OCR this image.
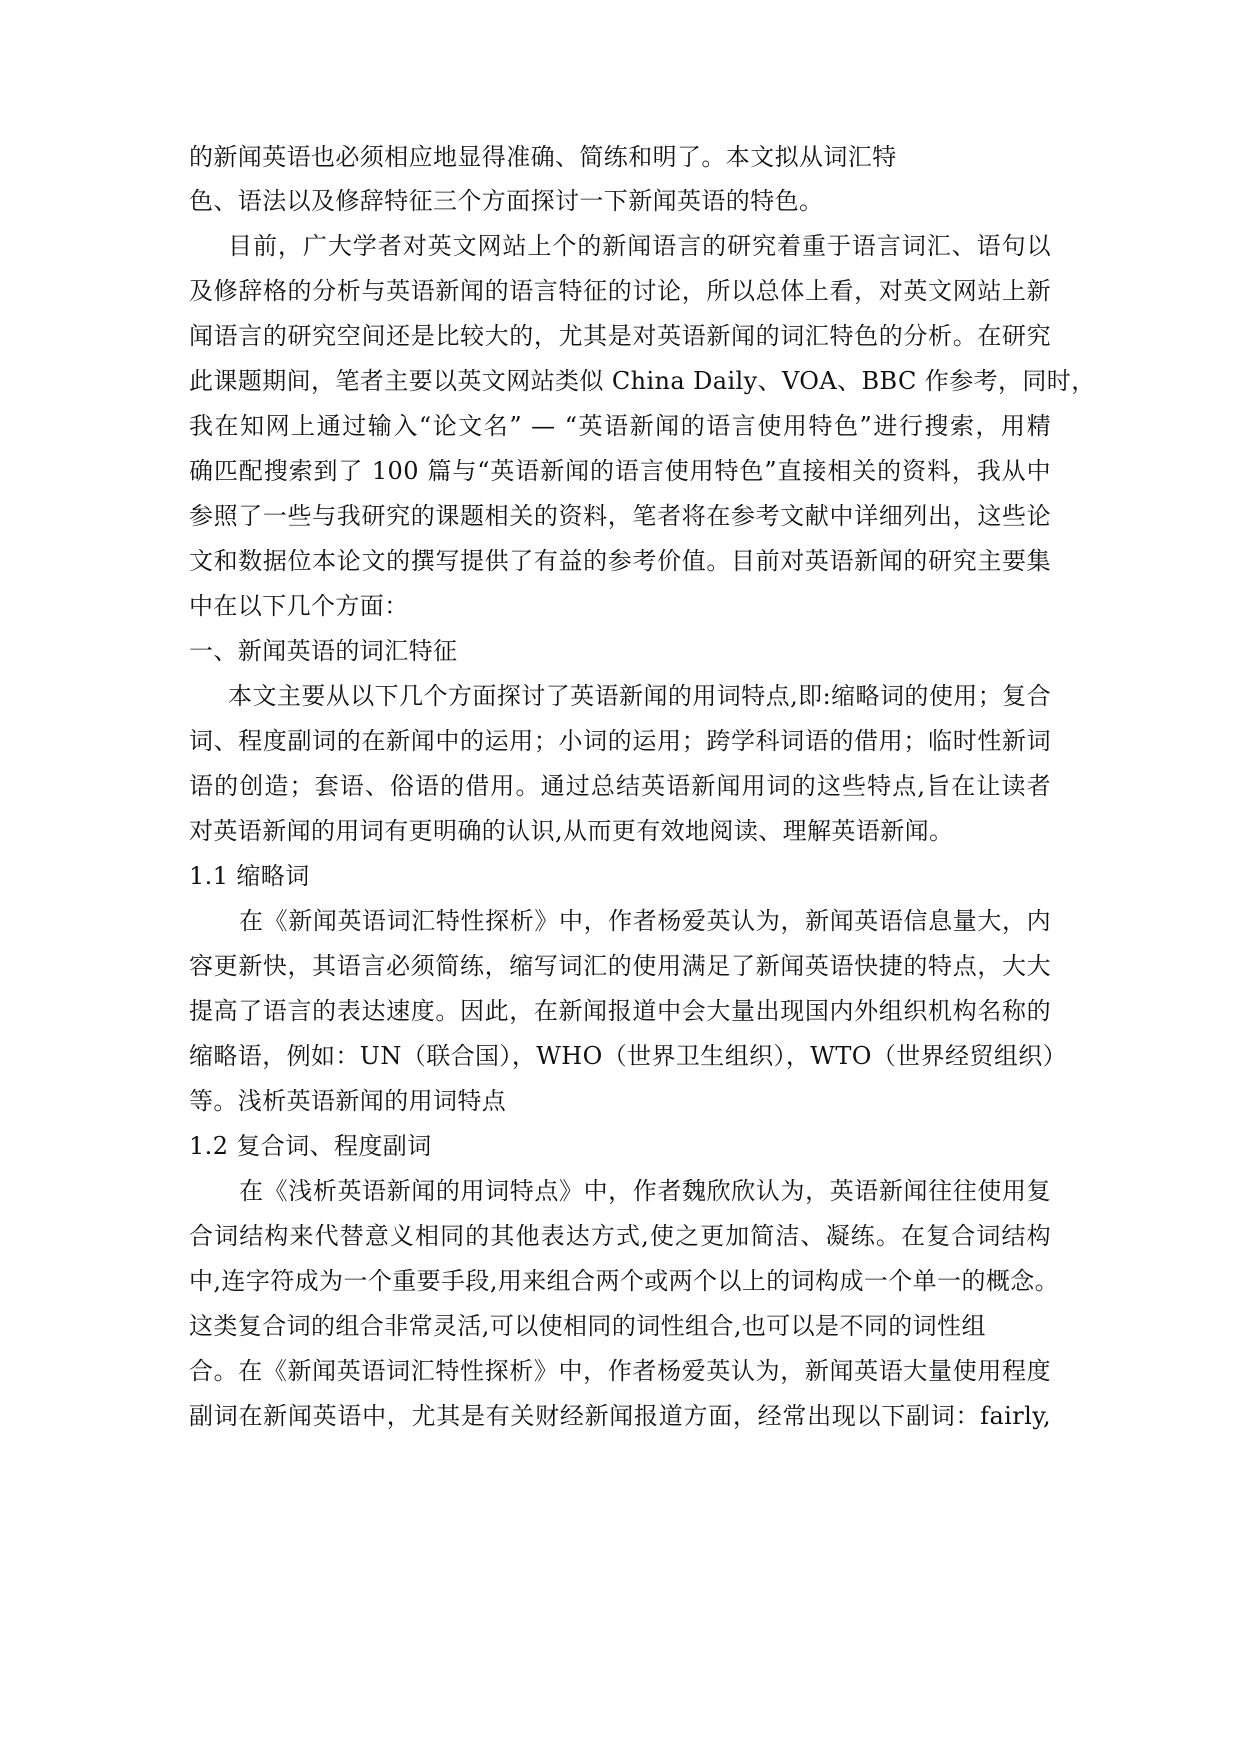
的新闻英语也必须相应地显得准确、简练和明了。本文拟从词汇特
色、语法以及修辞特征三个方面探讨一下新闻英语的特色。
目前，广大学者对英文网站上个的新闻语言的研究着重于语言词汇、语句以
及修辞格的分析与英语新闻的语言特征的讨论，所以总体上看，对英文网站上新
闻语言的研究空间还是比较大的，尤其是对英语新闻的词汇特色的分析。在研究
此课题期间，笔者主要以英文网站类似 China Daily、VOA、BBC 作参考，同时，
我在知网上通过输入“论文名” — “英语新闻的语言使用特色”进行搜索，用精
确匹配搜索到了 100 篇与“英语新闻的语言使用特色”直接相关的资料，我从中
参照了一些与我研究的课题相关的资料，笔者将在参考文献中详细列出，这些论
文和数据位本论文的撰写提供了有益的参考价值。目前对英语新闻的研究主要集
中在以下几个方面：
一、新闻英语的词汇特征
本文主要从以下几个方面探讨了英语新闻的用词特点,即:缩略词的使用；复合
词、程度副词的在新闻中的运用；小词的运用；跨学科词语的借用；临时性新词
语的创造；套语、俗语的借用。通过总结英语新闻用词的这些特点,旨在让读者
对英语新闻的用词有更明确的认识,从而更有效地阅读、理解英语新闻。
1.1 缩略词
在《新闻英语词汇特性探析》中，作者杨爱英认为，新闻英语信息量大，内
容更新快，其语言必须简练，缩写词汇的使用满足了新闻英语快捷的特点，大大
提高了语言的表达速度。因此，在新闻报道中会大量出现国内外组织机构名称的
缩略语，例如：UN（联合国），WHO（世界卫生组织），WTO（世界经贸组织）
等。浅析英语新闻的用词特点
1.2 复合词、程度副词
在《浅析英语新闻的用词特点》中，作者魏欣欣认为，英语新闻往往使用复
合词结构来代替意义相同的其他表达方式,使之更加简洁、凝练。在复合词结构
中,连字符成为一个重要手段,用来组合两个或两个以上的词构成一个单一的概念。
这类复合词的组合非常灵活,可以使相同的词性组合,也可以是不同的词性组
合。在《新闻英语词汇特性探析》中，作者杨爱英认为，新闻英语大量使用程度
副词在新闻英语中，尤其是有关财经新闻报道方面，经常出现以下副词：fairly,
